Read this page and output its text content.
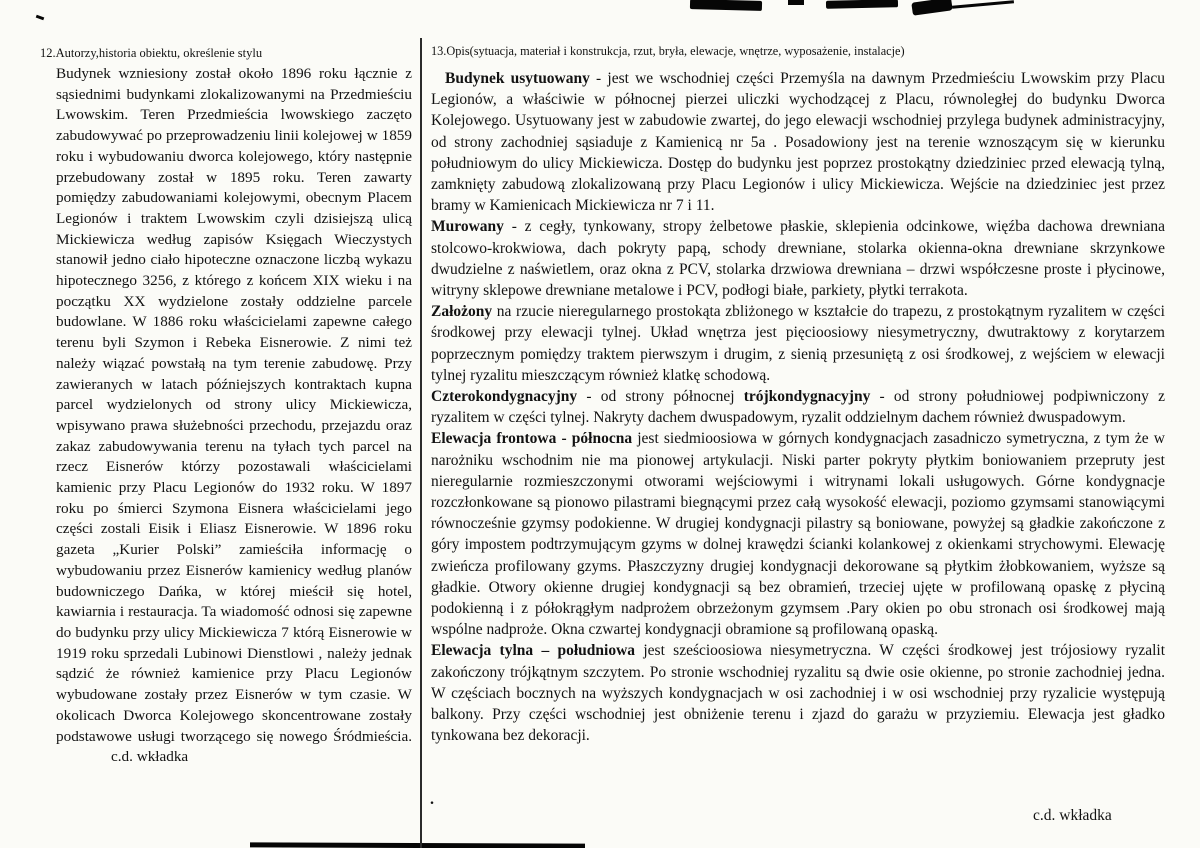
12.Autorzy,historia obiektu, określenie stylu
Budynek wzniesiony został około 1896 roku łącznie z sąsiednimi budynkami zlokalizowanymi na Przedmieściu Lwowskim. Teren Przedmieścia lwowskiego zaczęto zabudowywać po przeprowadzeniu linii kolejowej w 1859 roku i wybudowaniu dworca kolejowego, który następnie przebudowany został w 1895 roku. Teren zawarty pomiędzy zabudowaniami kolejowymi, obecnym Placem Legionów i traktem Lwowskim czyli dzisiejszą ulicą Mickiewicza według zapisów Księgach Wieczystych stanowił jedno ciało hipoteczne oznaczone liczbą wykazu hipotecznego 3256, z którego z końcem XIX wieku i na początku XX wydzielone zostały oddzielne parcele budowlane. W 1886 roku właścicielami zapewne całego terenu byli Szymon i Rebeka Eisnerowie. Z nimi też należy wiązać powstałą na tym terenie zabudowę. Przy zawieranych w latach późniejszych kontraktach kupna parcel wydzielonych od strony ulicy Mickiewicza, wpisywano prawa służebności przechodu, przejazdu oraz zakaz zabudowywania terenu na tyłach tych parcel na rzecz Eisnerów którzy pozostawali właścicielami kamienic przy Placu Legionów do 1932 roku. W 1897 roku po śmierci Szymona Eisnera właścicielami jego części zostali Eisik i Eliasz Eisnerowie. W 1896 roku gazeta „Kurier Polski” zamieściła informację o wybudowaniu przez Eisnerów kamienicy według planów budowniczego Dańka, w której mieścił się hotel, kawiarnia i restauracja. Ta wiadomość odnosi się zapewne do budynku przy ulicy Mickiewicza 7 którą Eisnerowie w 1919 roku sprzedali Lubinowi Dienstlowi , należy jednak sądzić że również kamienice przy Placu Legionów wybudowane zostały przez Eisnerów w tym czasie. W okolicach Dworca Kolejowego skoncentrowane zostały podstawowe usługi tworzącego się nowego Śródmieścia. c.d. wkładka
13.Opis(sytuacja, materiał i konstrukcja, rzut, bryła, elewacje, wnętrze, wyposażenie, instalacje)

Budynek usytuowany - jest we wschodniej części Przemyśla na dawnym Przedmieściu Lwowskim przy Placu Legionów, a właściwie w północnej pierzei uliczki wychodzącej z Placu, równoległej do budynku Dworca Kolejowego. Usytuowany jest w zabudowie zwartej, do jego elewacji wschodniej przylega budynek administracyjny, od strony zachodniej sąsiaduje z Kamienicą nr 5a . Posadowiony jest na terenie wznoszącym się w kierunku południowym do ulicy Mickiewicza. Dostęp do budynku jest poprzez prostokątny dziedziniec przed elewacją tylną, zamknięty zabudową zlokalizowaną przy Placu Legionów i ulicy Mickiewicza. Wejście na dziedziniec jest przez bramy w Kamienicach Mickiewicza nr 7 i 11.

Murowany - z cegły, tynkowany, stropy żelbetowe płaskie, sklepienia odcinkowe, więźba dachowa drewniana stolcowo-krokwiowa, dach pokryty papą, schody drewniane, stolarka okienna-okna drewniane skrzynkowe dwudzielne z naświetlem, oraz okna z PCV, stolarka drzwiowa drewniana – drzwi współczesne proste i płycinowe, witryny sklepowe drewniane metalowe i PCV, podłogi białe, parkiety, płytki terrakota.

Założony na rzucie nieregularnego prostokąta zbliżonego w kształcie do trapezu, z prostokątnym ryzalitem w części środkowej przy elewacji tylnej. Układ wnętrza jest pięcioosiowy niesymetryczny, dwutraktowy z korytarzem poprzecznym pomiędzy traktem pierwszym i drugim, z sienią przesuniętą z osi środkowej, z wejściem w elewacji tylnej ryzalitu mieszczącym również klatkę schodową.

Czterokondygnacyjny - od strony północnej trójkondygnacyjny - od strony południowej podpiwniczony z ryzalitem w części tylnej. Nakryty dachem dwuspadowym, ryzalit oddzielnym dachem również dwuspadowym.

Elewacja frontowa - północna jest siedmioosiowa w górnych kondygnacjach zasadniczo symetryczna, z tym że w narożniku wschodnim nie ma pionowej artykulacji. Niski parter pokryty płytkim boniowaniem przepruty jest nieregularnie rozmieszczonymi otworami wejściowymi i witrynami lokali usługowych. Górne kondygnacje rozczłonkowane są pionowo pilastrami biegnącymi przez całą wysokość elewacji, poziomo gzymsami stanowiącymi równocześnie gzymsy podokienne. W drugiej kondygnacji pilastry są boniowane, powyżej są gładkie zakończone z góry impostem podtrzymującym gzyms w dolnej krawędzi ścianki kolankowej z okienkami strychowymi. Elewację zwieńcza profilowany gzyms. Płaszczyzny drugiej kondygnacji dekorowane są płytkim żłobkowaniem, wyższe są gładkie. Otwory okienne drugiej kondygnacji są bez obramień, trzeciej ujęte w profilowaną opaskę z płyciną podokienną i z półokrągłym nadprożem obrzeżonym gzymsem .Pary okien po obu stronach osi środkowej mają wspólne nadproże. Okna czwartej kondygnacji obramione są profilowaną opaską.

Elewacja tylna – południowa jest sześcioosiowa niesymetryczna. W części środkowej jest trójosiowy ryzalit zakończony trójkątnym szczytem. Po stronie wschodniej ryzalitu są dwie osie okienne, po stronie zachodniej jedna. W częściach bocznych na wyższych kondygnacjach w osi zachodniej i w osi wschodniej przy ryzalicie występują balkony. Przy części wschodniej jest obniżenie terenu i zjazd do garażu w przyziemiu. Elewacja jest gładko tynkowana bez dekoracji.

.
c.d. wkładka
